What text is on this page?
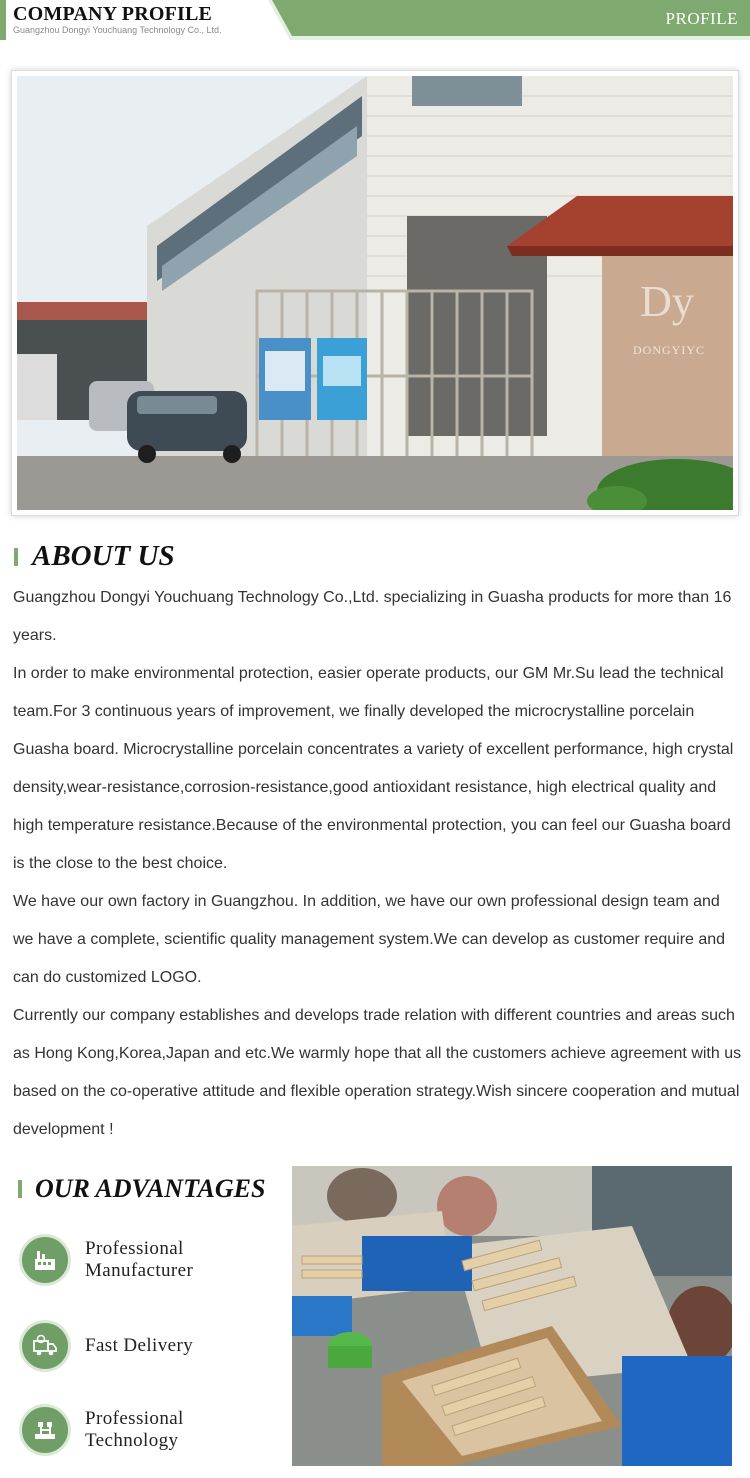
COMPANY PROFILE
Guangzhou Dongyi Youchuang Technology Co., Ltd.
PROFILE
Dy
DONGYIYC
ABOUT US

Guangzhou Dongyi Youchuang Technology Co.,Ltd. specializing in Guasha products for more than 16 years.

In order to make environmental protection, easier operate products, our GM Mr.Su lead the technical team.For 3 continuous years of improvement, we finally developed the microcrystalline porcelain Guasha board. Microcrystalline porcelain concentrates a variety of excellent performance, high crystal density,wear-resistance,corrosion-resistance,good antioxidant resistance, high electrical quality and high temperature resistance.Because of the environmental protection, you can feel our Guasha board is the close to the best choice.

We have our own factory in Guangzhou. In addition, we have our own professional design team and we have a complete, scientific quality management system.We can develop as customer require and can do customized LOGO.

Currently our company establishes and develops trade relation with different countries and areas such as Hong Kong,Korea,Japan and etc.We warmly hope that all the customers achieve agreement with us based on the co-operative attitude and flexible operation strategy.Wish sincere cooperation and mutual development !

OUR ADVANTAGES
Professional
Manufacturer
Fast Delivery
Professional
Technology
